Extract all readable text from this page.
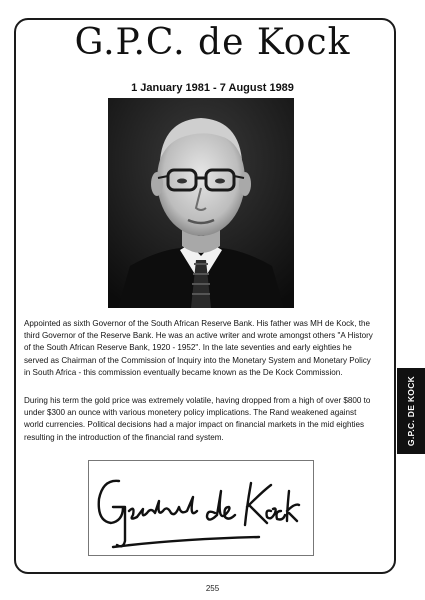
G.P.C. de Kock
1 January 1981 - 7 August 1989

Appointed as sixth Governor of the South African Reserve Bank. His father was MH de Kock, the third Governor of the Reserve Bank. He was an active writer and wrote amongst others "A History of the South African Reserve Bank, 1920 - 1952". In the late seventies and early eighties he served as Chairman of the Commission of Inquiry into the Monetary System and Monetary Policy in South Africa - this commission eventually became known as the De Kock Commission.

During his term the gold price was extremely volatile, having dropped from a high of over $800 to under $300 an ounce with various monetery policy implications. The Rand weakened against world currencies. Political decisions had a major impact on financial markets in the mid eighties resulting in the introduction of the financial rand system.	G.P.C. DE KOCK
255
